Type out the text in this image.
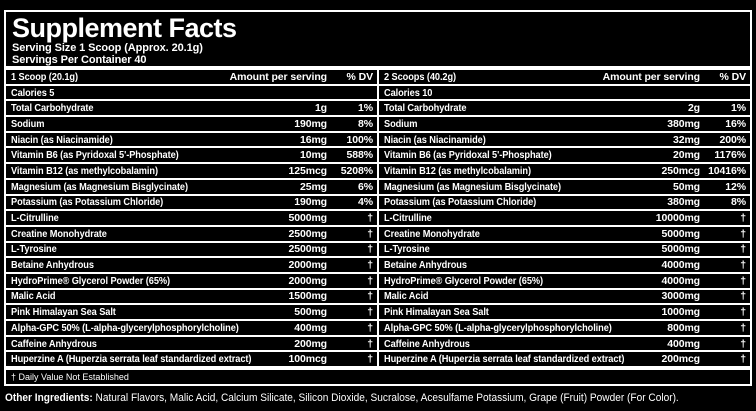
Supplement Facts
Serving Size 1 Scoop (Approx. 20.1g)
Servings Per Container 40
1 Scoop (20.1g)	Amount per serving	% DV
Calories 5
Total Carbohydrate	1g	1%
Sodium	190mg	8%
Niacin (as Niacinamide)	16mg	100%
Vitamin B6 (as Pyridoxal 5'-Phosphate)	10mg	588%
Vitamin B12 (as methylcobalamin)	125mcg	5208%
Magnesium (as Magnesium Bisglycinate)	25mg	6%
Potassium (as Potassium Chloride)	190mg	4%
L-Citrulline	5000mg	†
Creatine Monohydrate	2500mg	†
L-Tyrosine	2500mg	†
Betaine Anhydrous	2000mg	†
HydroPrime® Glycerol Powder (65%)	2000mg	†
Malic Acid	1500mg	†
Pink Himalayan Sea Salt	500mg	†
Alpha-GPC 50% (L-alpha-glycerylphosphorylcholine)	400mg	†
Caffeine Anhydrous	200mg	†
Huperzine A (Huperzia serrata leaf standardized extract)	100mcg	†
2 Scoops (40.2g)	Amount per serving	% DV
Calories 10
Total Carbohydrate	2g	1%
Sodium	380mg	16%
Niacin (as Niacinamide)	32mg	200%
Vitamin B6 (as Pyridoxal 5'-Phosphate)	20mg	1176%
Vitamin B12 (as methylcobalamin)	250mcg 10416%
Magnesium (as Magnesium Bisglycinate)	50mg	12%
Potassium (as Potassium Chloride)	380mg	8%
L-Citrulline	10000mg	†
Creatine Monohydrate	5000mg	†
L-Tyrosine	5000mg	†
Betaine Anhydrous	4000mg	†
HydroPrime® Glycerol Powder (65%)	4000mg	†
Malic Acid	3000mg	†
Pink Himalayan Sea Salt	1000mg	†
Alpha-GPC 50% (L-alpha-glycerylphosphorylcholine)	800mg	†
Caffeine Anhydrous	400mg	†
Huperzine A (Huperzia serrata leaf standardized extract)	200mcg	†
† Daily Value Not Established
Other Ingredients: Natural Flavors, Malic Acid, Calcium Silicate, Silicon Dioxide, Sucralose, Acesulfame Potassium, Grape (Fruit) Powder (For Color).
